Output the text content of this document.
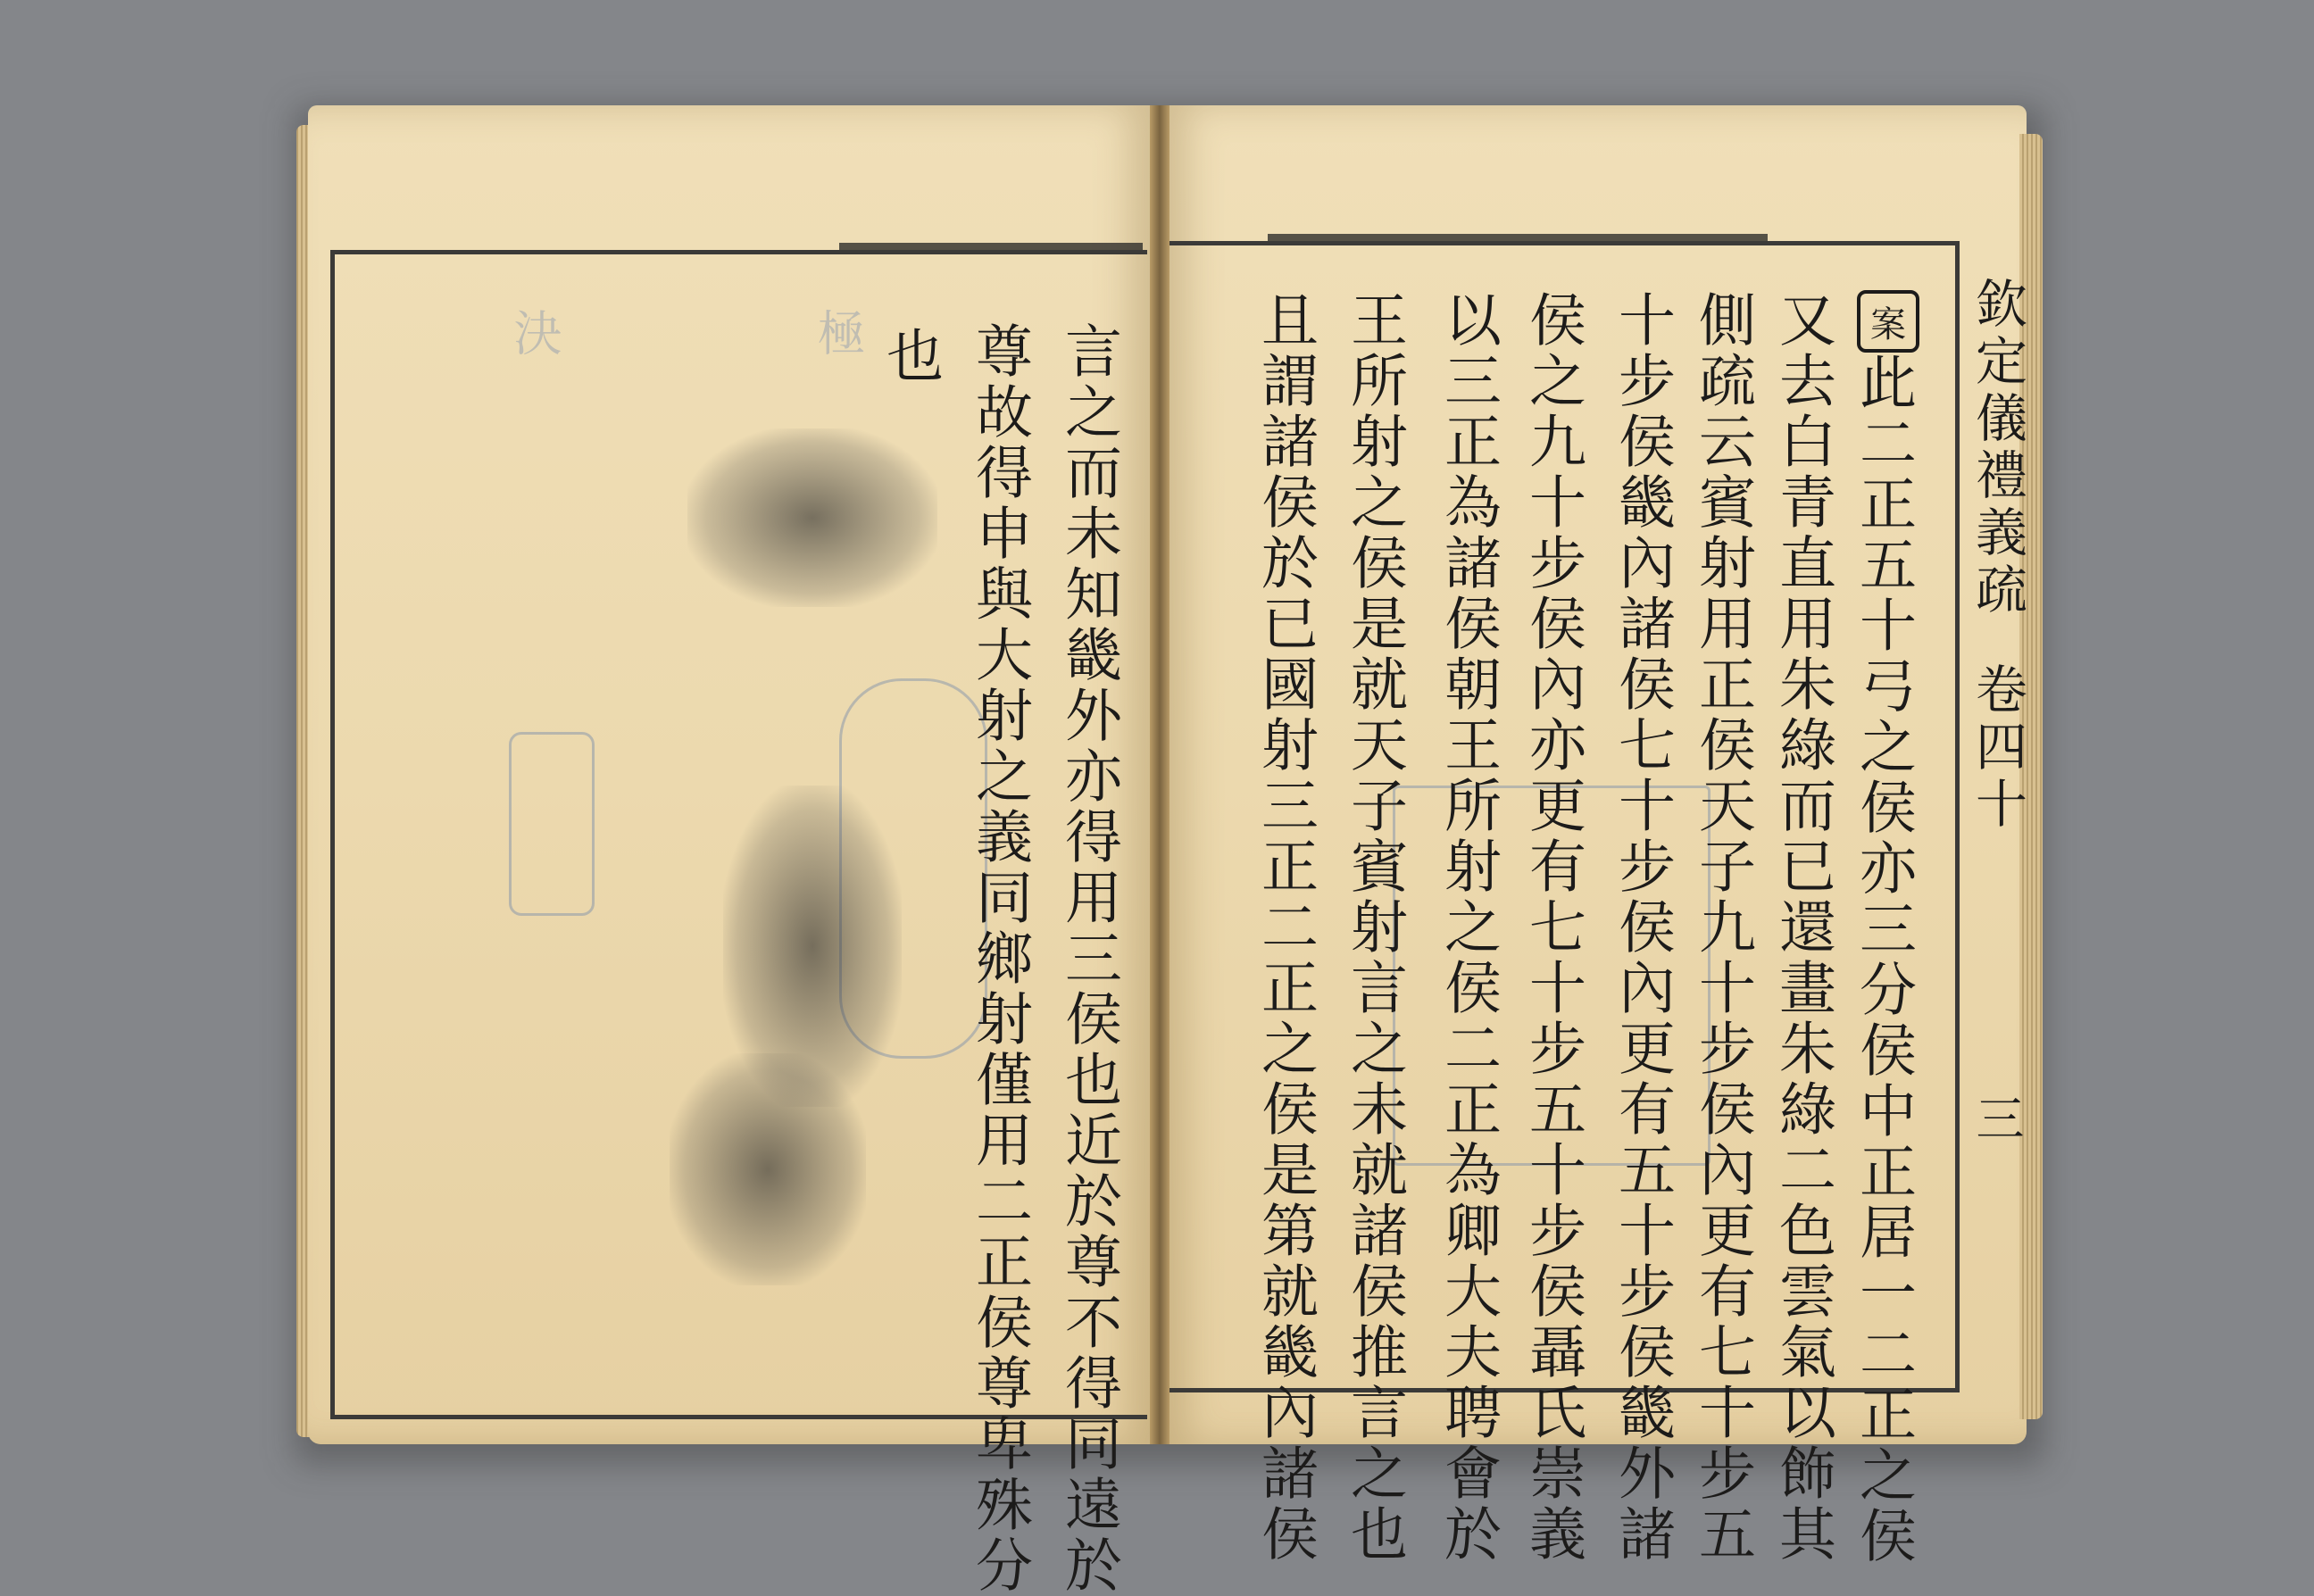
決	極	欽定儀禮義疏 卷四十
三
案
此二正五十弓之侯亦三分侯中正居一二正之侯
又去白青直用朱綠而已還畫朱綠二色雲氣以飾其
側疏云賓射用正侯天子九十步侯內更有七十步五
十步侯畿內諸侯七十步侯內更有五十步侯畿外諸
侯之九十步侯內亦更有七十步五十步侯聶氏崇義
以三正為諸侯朝王所射之侯二正為卿大夫聘會於
王所射之侯是就天子賓射言之未就諸侯推言之也
且謂諸侯於已國射三正二正之侯是第就畿內諸侯
言之而未知畿外亦得用三侯也近於尊不得同遠於
尊故得申與大射之義同鄉射僅用二正侯尊卑殊分
也
